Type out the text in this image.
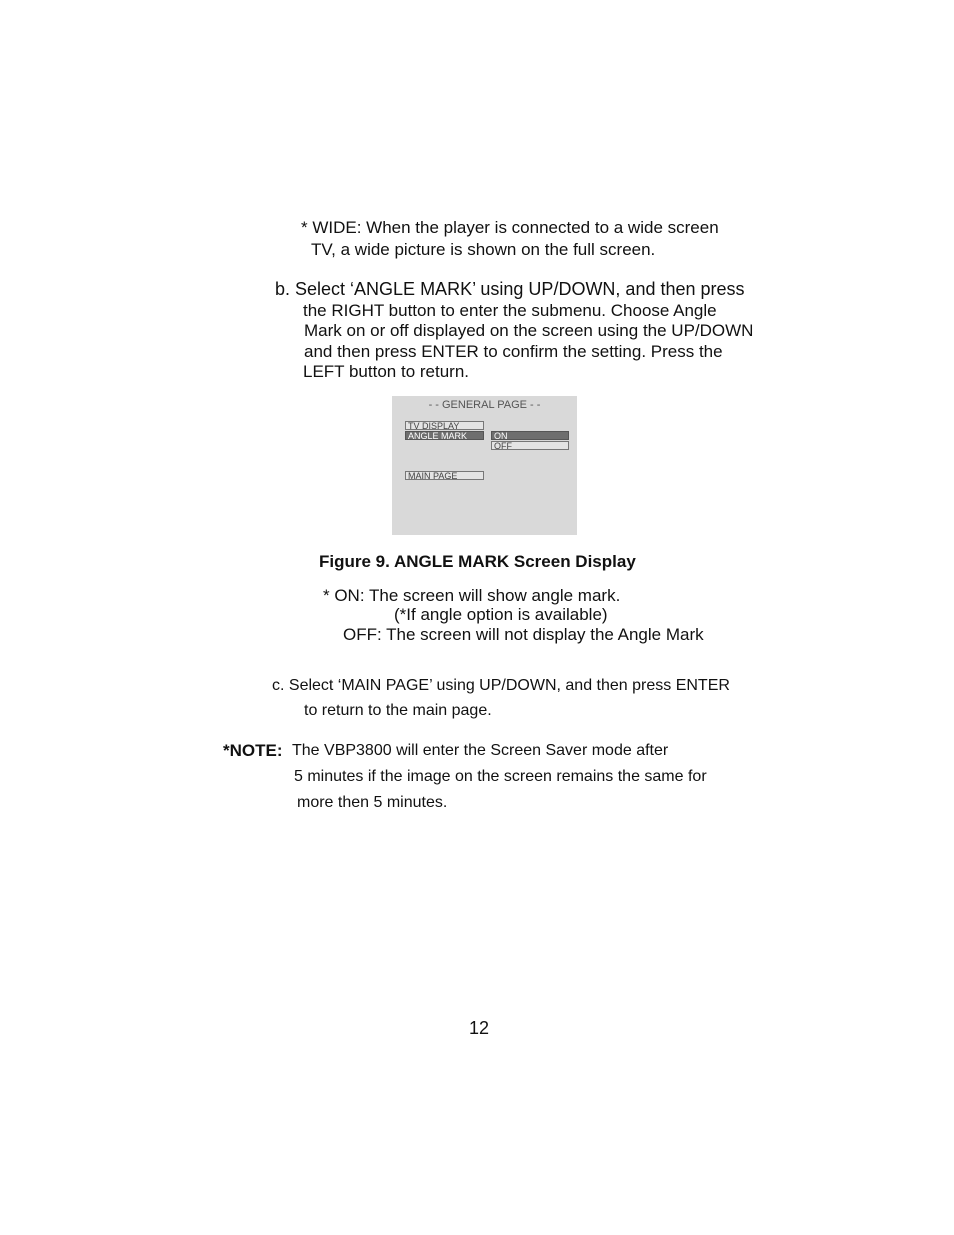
* WIDE: When the player is connected to a wide screen
TV, a wide picture is shown on the full screen.
b. Select ‘ANGLE MARK’ using UP/DOWN, and then press
the RIGHT button to enter the submenu. Choose Angle
Mark on or off displayed on the screen using the UP/DOWN
and then press ENTER to confirm the setting. Press the
LEFT button to return.
- - GENERAL PAGE - -
TV DISPLAY
ANGLE MARK	ON
OFF
MAIN PAGE
Figure 9. ANGLE MARK Screen Display
* ON: The screen will show angle mark.
(*If angle option is available)
OFF: The screen will not display the Angle Mark
c. Select ‘MAIN PAGE’ using UP/DOWN, and then press ENTER
to return to the main page.
*NOTE: The VBP3800 will enter the Screen Saver mode after
5 minutes if the image on the screen remains the same for
more then 5 minutes.
12
